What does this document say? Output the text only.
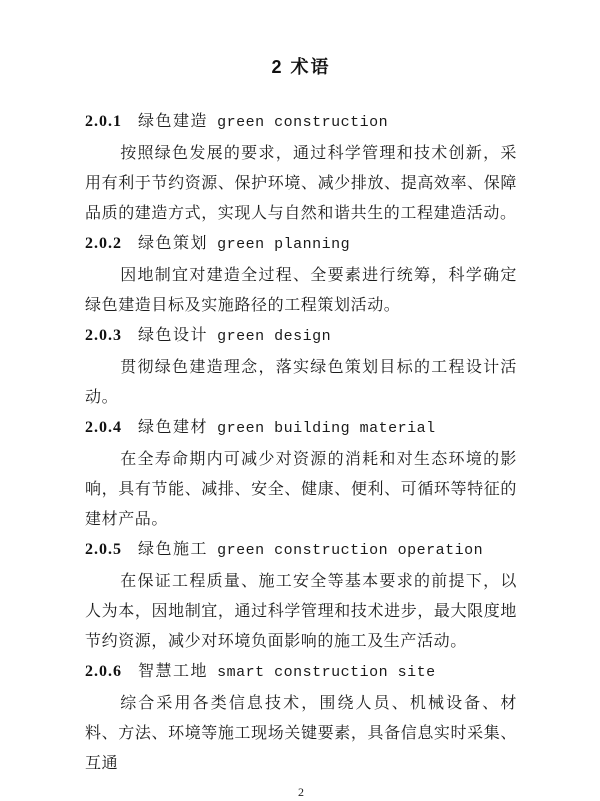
2 术语
2.0.1 绿色建造 green construction

按照绿色发展的要求，通过科学管理和技术创新，采用有利于节约资源、保护环境、减少排放、提高效率、保障品质的建造方式，实现人与自然和谐共生的工程建造活动。

2.0.2 绿色策划 green planning

因地制宜对建造全过程、全要素进行统筹，科学确定绿色建造目标及实施路径的工程策划活动。

2.0.3 绿色设计 green design

贯彻绿色建造理念，落实绿色策划目标的工程设计活动。

2.0.4 绿色建材 green building material

在全寿命期内可减少对资源的消耗和对生态环境的影响，具有节能、减排、安全、健康、便利、可循环等特征的建材产品。

2.0.5 绿色施工 green construction operation

在保证工程质量、施工安全等基本要求的前提下，以人为本，因地制宜，通过科学管理和技术进步，最大限度地节约资源，减少对环境负面影响的施工及生产活动。

2.0.6 智慧工地 smart construction site

综合采用各类信息技术，围绕人员、机械设备、材料、方法、环境等施工现场关键要素，具备信息实时采集、互通

2
